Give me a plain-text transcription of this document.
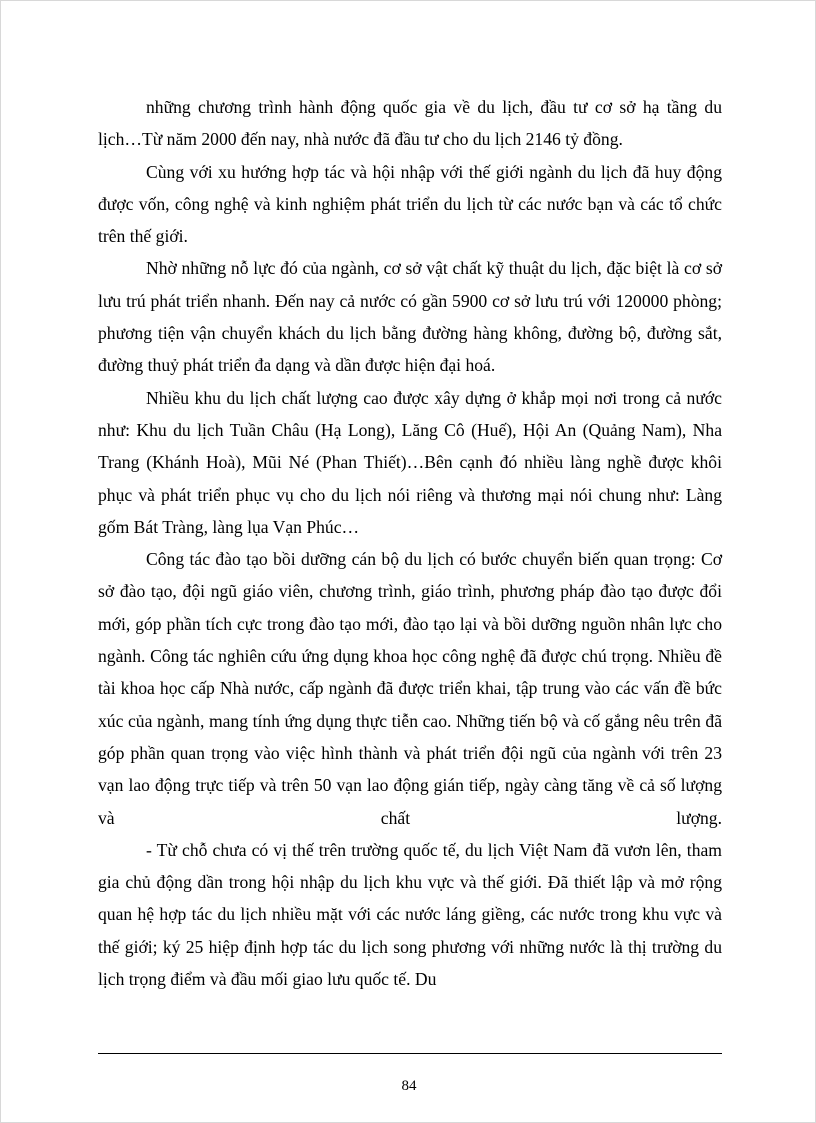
những chương trình hành động quốc gia về du lịch, đầu tư cơ sở hạ tầng du lịch…Từ năm 2000 đến nay, nhà nước đã đầu tư cho du lịch 2146 tỷ đồng.

Cùng với xu hướng hợp tác và hội nhập với thế giới ngành du lịch đã huy động được vốn, công nghệ và kinh nghiệm phát triển du lịch từ các nước bạn và các tổ chức trên thế giới.

Nhờ những nỗ lực đó của ngành, cơ sở vật chất kỹ thuật du lịch, đặc biệt là cơ sở lưu trú phát triển nhanh. Đến nay cả nước có gần 5900 cơ sở lưu trú với 120000 phòng; phương tiện vận chuyển khách du lịch bằng đường hàng không, đường bộ, đường sắt, đường thuỷ phát triển đa dạng và dần được hiện đại hoá.

Nhiều khu du lịch chất lượng cao được xây dựng ở khắp mọi nơi trong cả nước như: Khu du lịch Tuần Châu (Hạ Long), Lăng Cô (Huế), Hội An (Quảng Nam), Nha Trang (Khánh Hoà), Mũi Né (Phan Thiết)…Bên cạnh đó nhiều làng nghề được khôi phục và phát triển phục vụ cho du lịch nói riêng và thương mại nói chung như: Làng gốm Bát Tràng, làng lụa Vạn Phúc…

Công tác đào tạo bồi dưỡng cán bộ du lịch có bước chuyển biến quan trọng: Cơ sở đào tạo, đội ngũ giáo viên, chương trình, giáo trình, phương pháp đào tạo được đổi mới, góp phần tích cực trong đào tạo mới, đào tạo lại và bồi dưỡng nguồn nhân lực cho ngành. Công tác nghiên cứu ứng dụng khoa học công nghệ đã được chú trọng. Nhiều đề tài khoa học cấp Nhà nước, cấp ngành đã được triển khai, tập trung vào các vấn đề bức xúc của ngành, mang tính ứng dụng thực tiễn cao. Những tiến bộ và cố gắng nêu trên đã góp phần quan trọng vào việc hình thành và phát triển đội ngũ của ngành với trên 23 vạn lao động trực tiếp và trên 50 vạn lao động gián tiếp, ngày càng tăng về cả số lượng và chất lượng.

- Từ chỗ chưa có vị thế trên trường quốc tế, du lịch Việt Nam đã vươn lên, tham gia chủ động dần trong hội nhập du lịch khu vực và thế giới. Đã thiết lập và mở rộng quan hệ hợp tác du lịch nhiều mặt với các nước láng giềng, các nước trong khu vực và thế giới; ký 25 hiệp định hợp tác du lịch song phương với những nước là thị trường du lịch trọng điểm và đầu mối giao lưu quốc tế. Du

84
